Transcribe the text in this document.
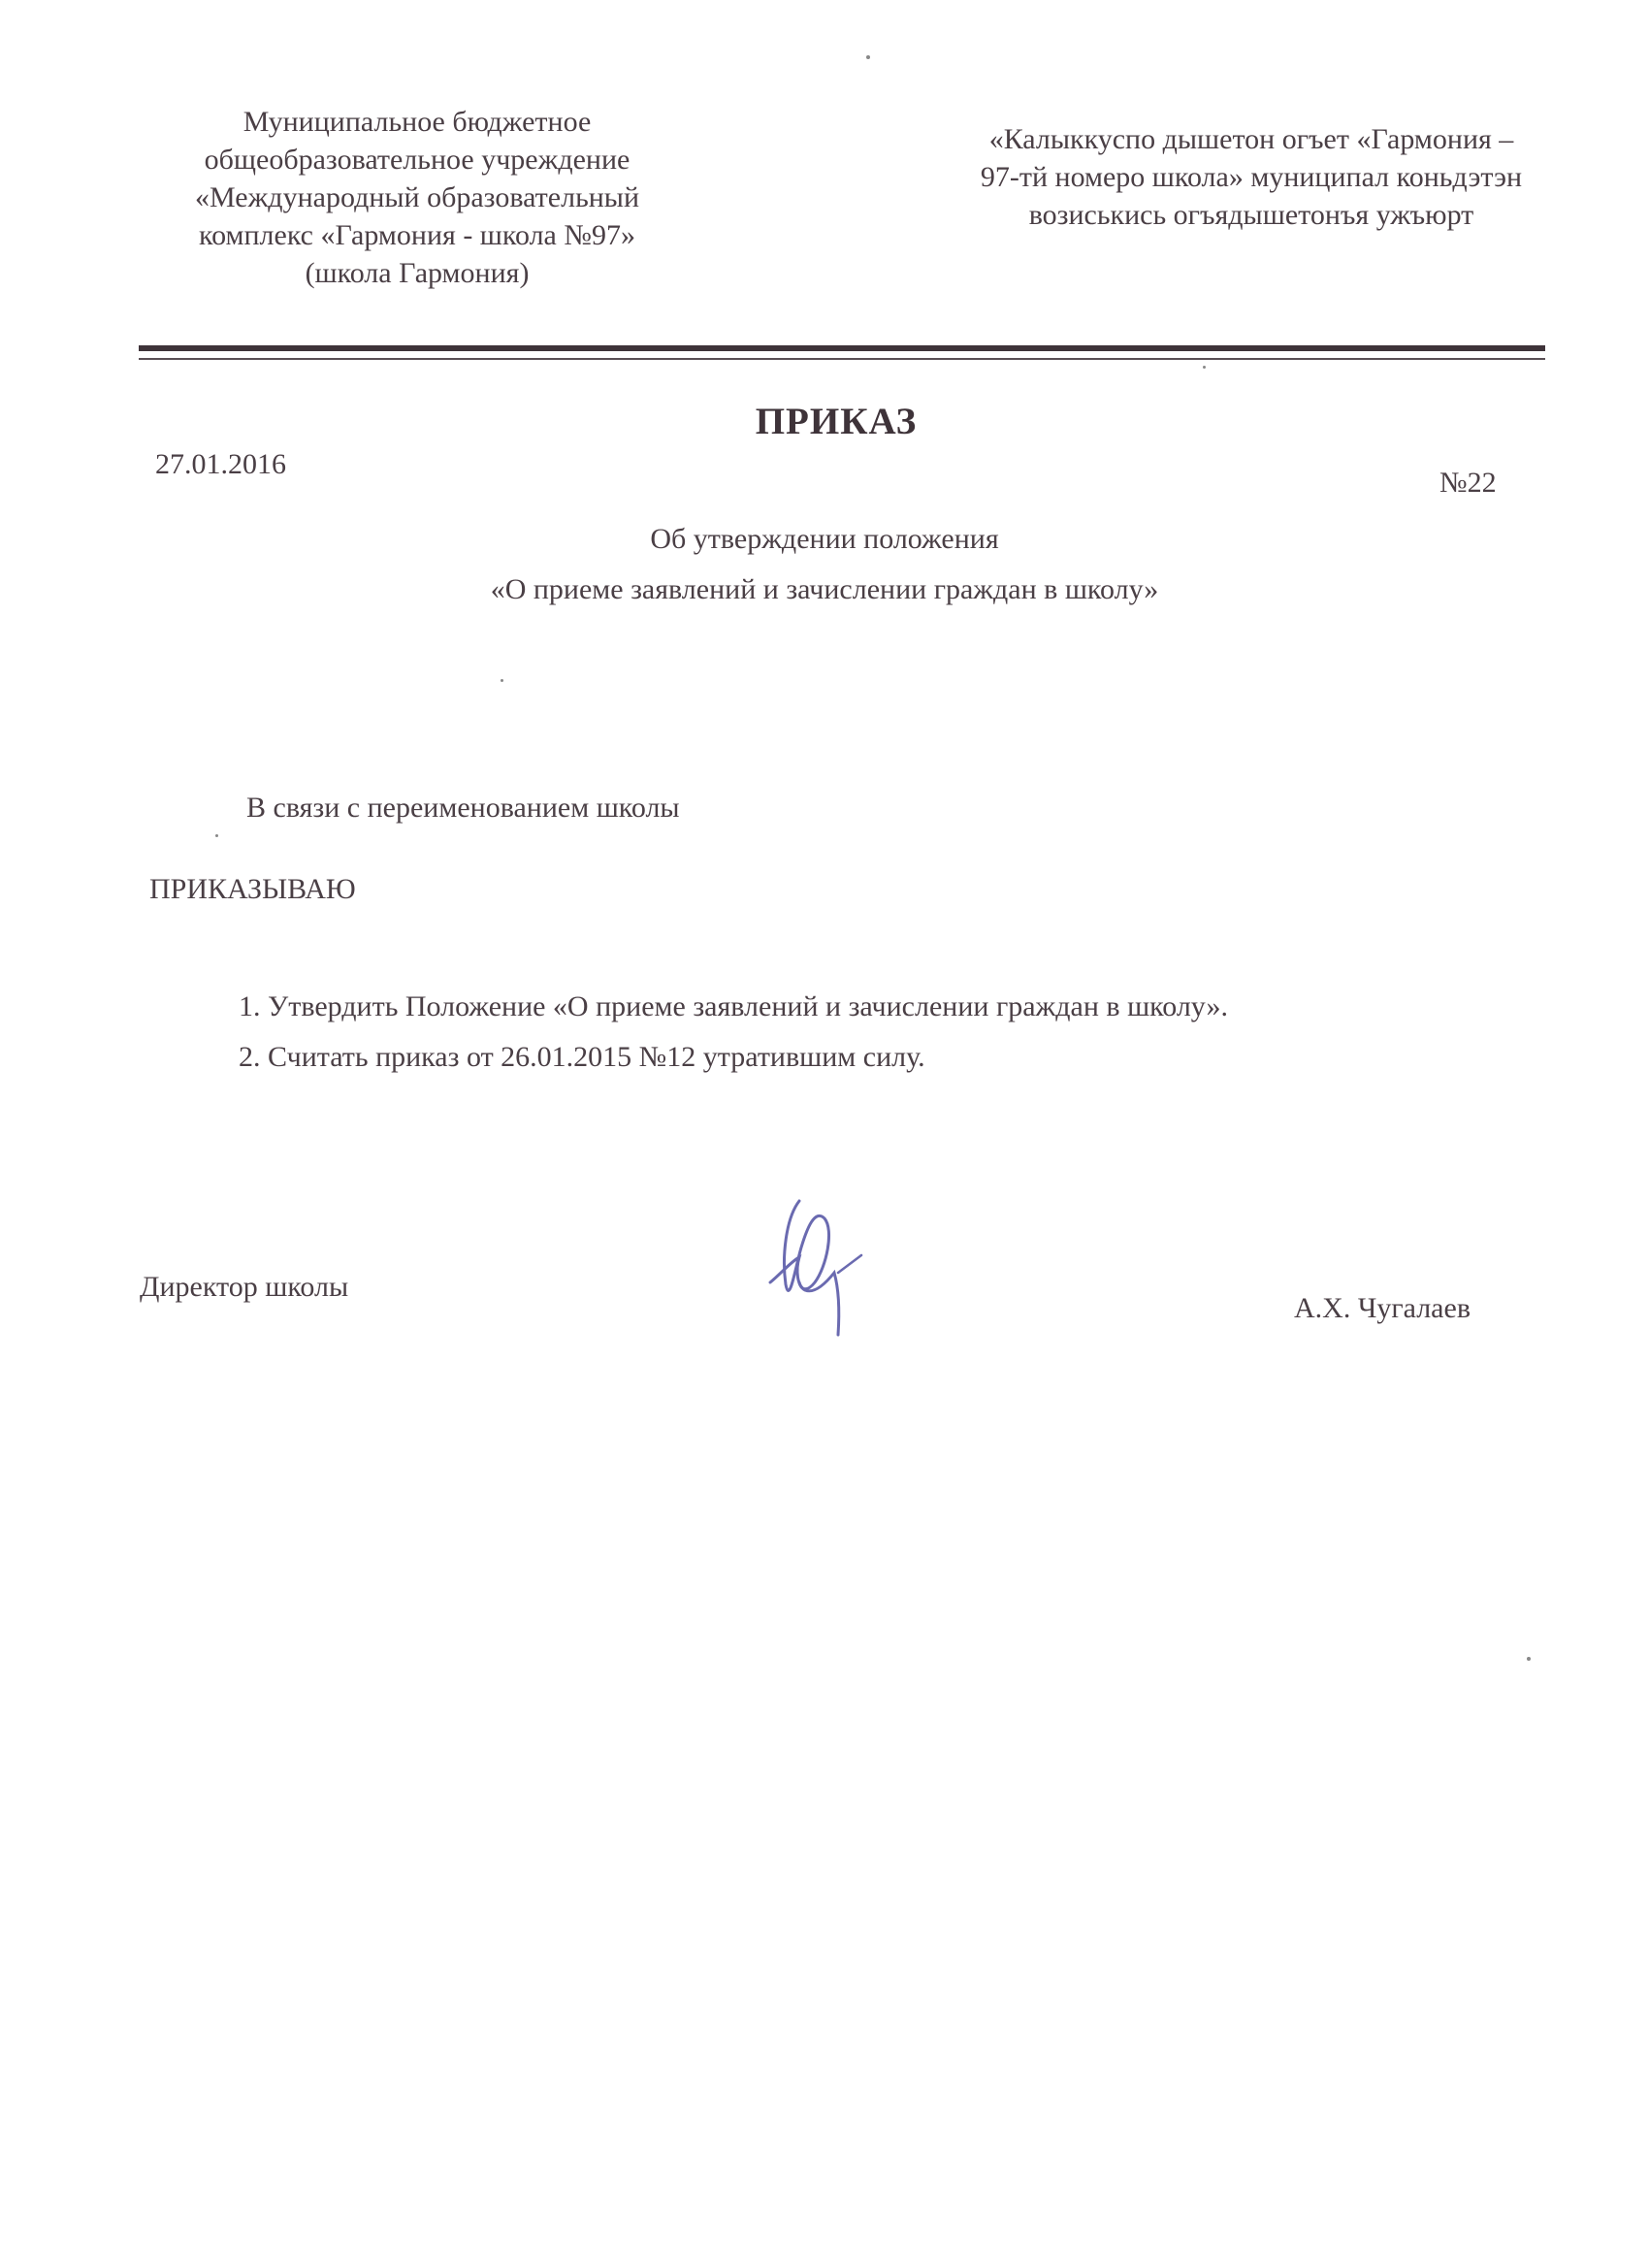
Муниципальное бюджетное
общеобразовательное учреждение
«Международный образовательный
комплекс «Гармония - школа №97»
(школа Гармония)
«Калыккуспо дышетон огъет «Гармония –
97-тй номеро школа» муниципал коньдэтэн
возиськись огъядышетонъя ужъюрт
ПРИКАЗ
27.01.2016
№22
Об утверждении положения
«О приеме заявлений и зачислении граждан в школу»
В связи с переименованием школы
ПРИКАЗЫВАЮ
1. Утвердить Положение «О приеме заявлений и зачислении граждан в школу».
2. Считать приказ от 26.01.2015 №12 утратившим силу.
Директор школы
А.Х. Чугалаев
